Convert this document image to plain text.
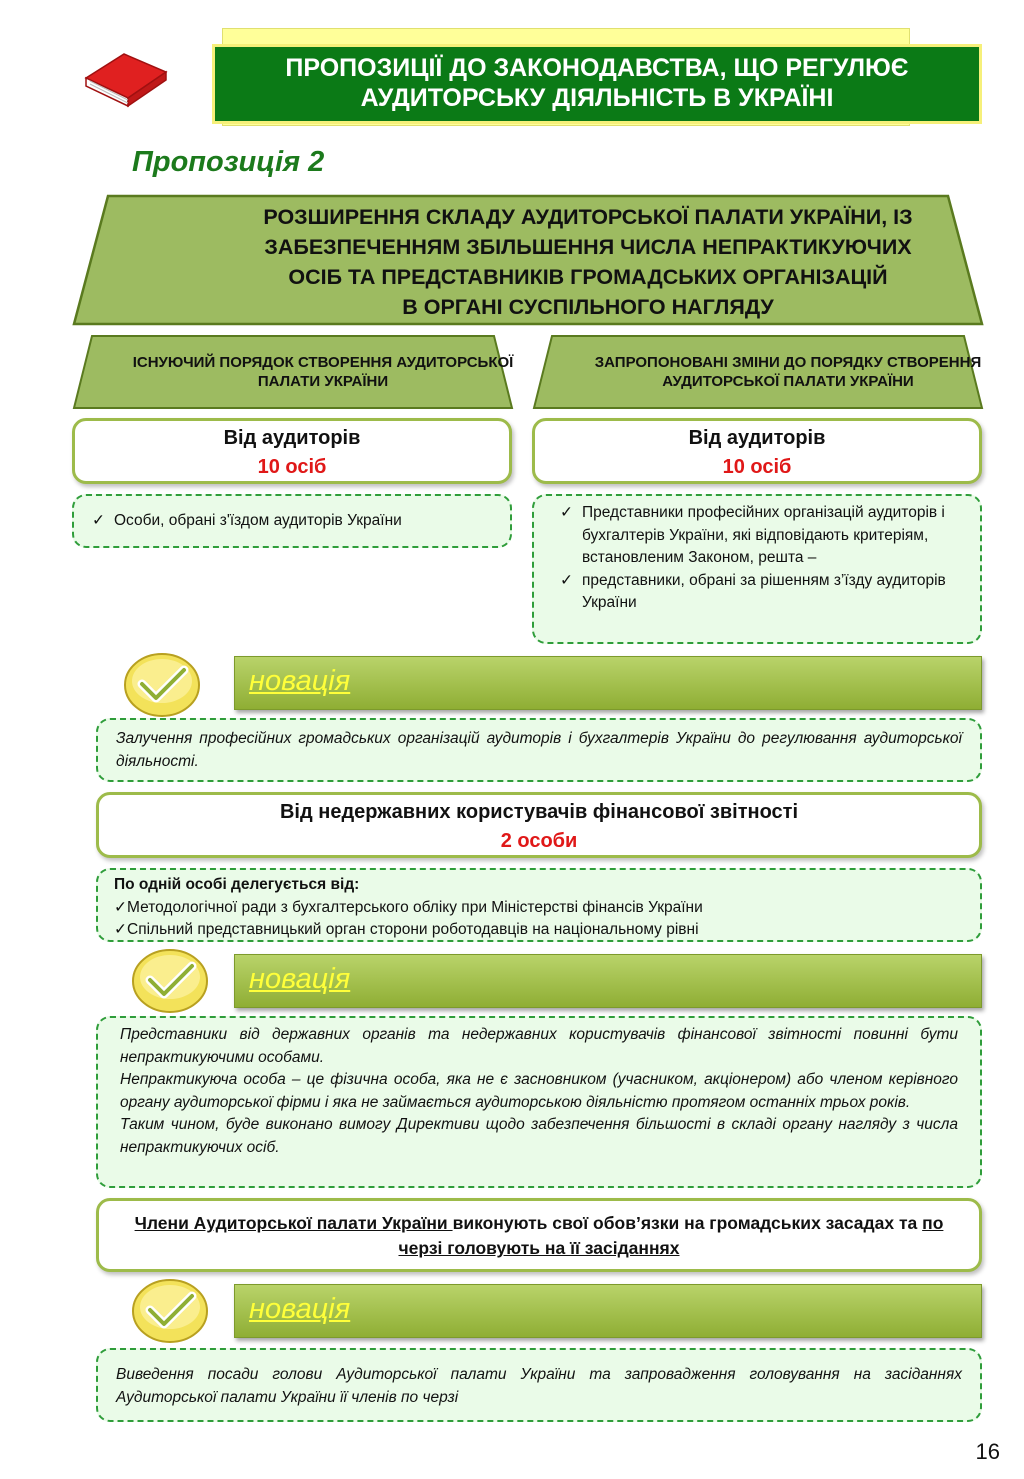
ПРОПОЗИЦІЇ ДО ЗАКОНОДАВСТВА, ЩО РЕГУЛЮЄ АУДИТОРСЬКУ ДІЯЛЬНІСТЬ В УКРАЇНІ
Пропозиція 2
РОЗШИРЕННЯ СКЛАДУ АУДИТОРСЬКОЇ ПАЛАТИ УКРАЇНИ, ІЗ
ЗАБЕЗПЕЧЕННЯМ ЗБІЛЬШЕННЯ ЧИСЛА НЕПРАКТИКУЮЧИХ
ОСІБ ТА ПРЕДСТАВНИКІВ ГРОМАДСЬКИХ ОРГАНІЗАЦІЙ
В ОРГАНІ СУСПІЛЬНОГО НАГЛЯДУ
ІСНУЮЧИЙ ПОРЯДОК СТВОРЕННЯ АУДИТОРСЬКОЇ ПАЛАТИ УКРАЇНИ
ЗАПРОПОНОВАНІ ЗМІНИ ДО ПОРЯДКУ СТВОРЕННЯ АУДИТОРСЬКОЇ ПАЛАТИ УКРАЇНИ
Від аудиторів
10 осіб
Від аудиторів
10 осіб
✓ Особи, обрані з'їздом аудиторів України
✓	Представники професійних організацій аудиторів і бухгалтерів України, які відповідають критеріям, встановленим Законом, решта –
✓ представники, обрані за рішенням з’їзду аудиторів України
новація
Залучення професійних громадських організацій аудиторів і бухгалтерів України до регулювання аудиторської діяльності.
Від недержавних користувачів фінансової звітності
2 особи
По одній особі делегується від:
✓Методологічної ради з бухгалтерського обліку при Міністерстві фінансів України
✓Спільний представницький орган сторони роботодавців на національному рівні
новація
Представники від державних органів та недержавних користувачів фінансової звітності повинні бути непрактикуючими особами.
Непрактикуюча особа – це фізична особа, яка не є засновником (учасником, акціонером) або членом керівного органу аудиторської фірми і яка не займається аудиторською діяльністю протягом останніх трьох років.
Таким чином, буде виконано вимогу Директиви щодо забезпечення більшості в складі органу нагляду з числа непрактикуючих осіб.
Члени Аудиторської палати України виконують свої обов’язки на громадських засадах та по черзі головують на її засіданнях
новація
Виведення посади голови Аудиторської палати України та запровадження головування на засіданнях Аудиторської палати України її членів по черзі
16
